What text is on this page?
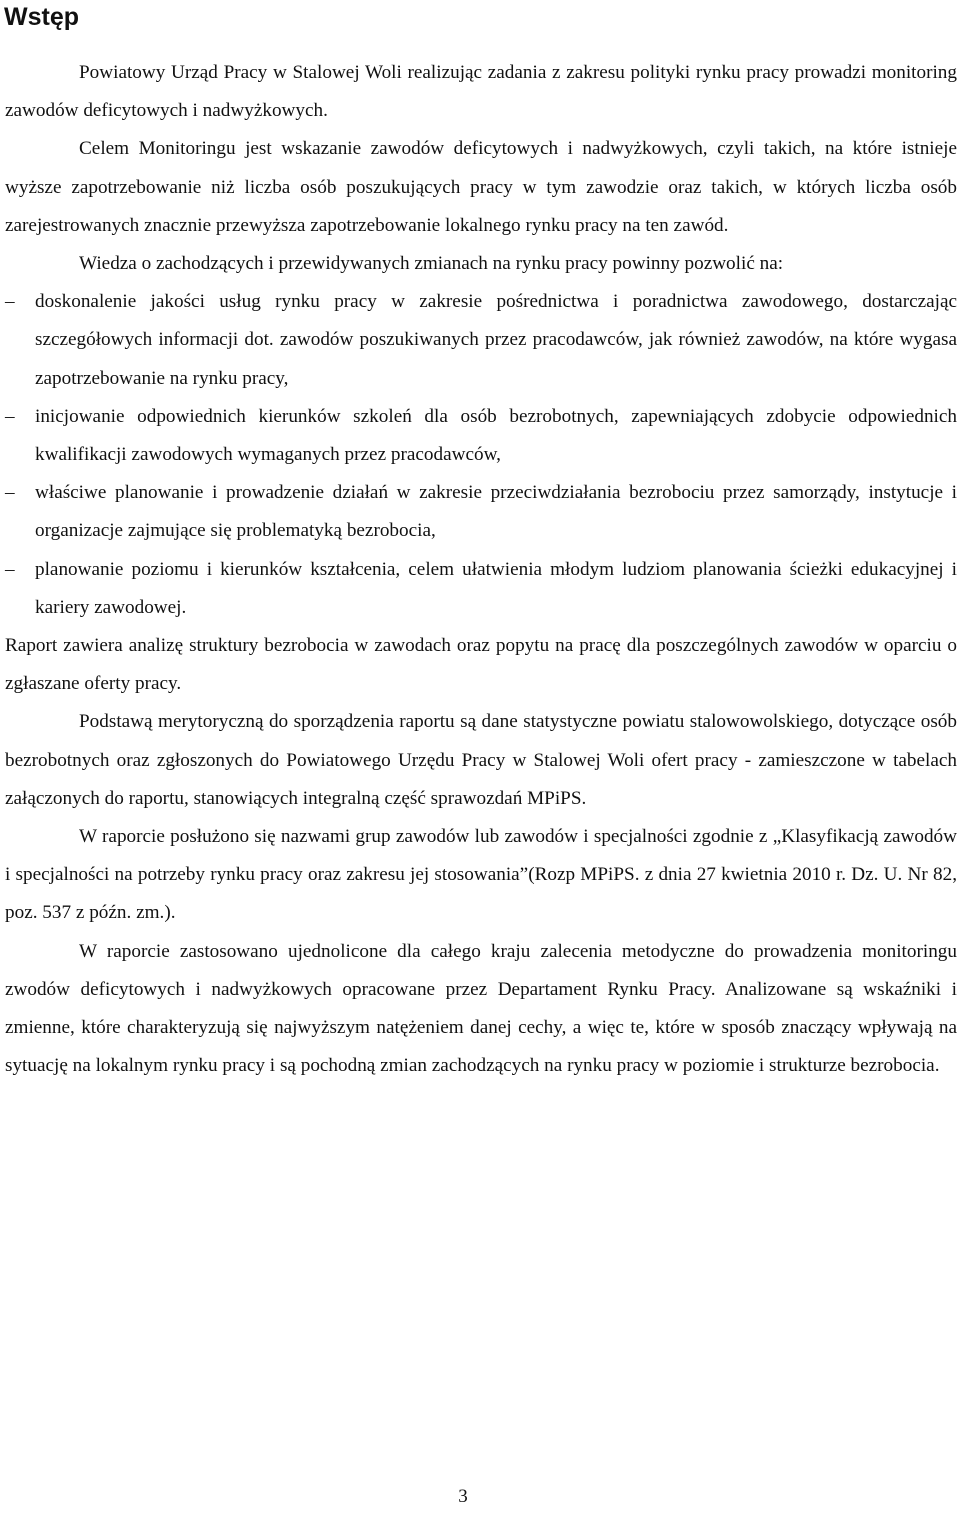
Wstęp

Powiatowy Urząd Pracy w Stalowej Woli realizując zadania z zakresu polityki rynku pracy prowadzi monitoring zawodów deficytowych i nadwyżkowych.

Celem Monitoringu jest wskazanie zawodów deficytowych i nadwyżkowych, czyli takich, na które istnieje wyższe zapotrzebowanie niż liczba osób poszukujących pracy w tym zawodzie oraz takich, w których liczba osób zarejestrowanych znacznie przewyższa zapotrzebowanie lokalnego rynku pracy na ten zawód.

Wiedza o zachodzących i przewidywanych zmianach na rynku pracy powinny pozwolić na:

– doskonalenie jakości usług rynku pracy w zakresie pośrednictwa i poradnictwa zawodowego, dostarczając szczegółowych informacji dot. zawodów poszukiwanych przez pracodawców, jak również zawodów, na które wygasa zapotrzebowanie na rynku pracy,
– inicjowanie odpowiednich kierunków szkoleń dla osób bezrobotnych, zapewniających zdobycie odpowiednich kwalifikacji zawodowych wymaganych przez pracodawców,
– właściwe planowanie i prowadzenie działań w zakresie przeciwdziałania bezrobociu przez samorządy, instytucje i organizacje zajmujące się problematyką bezrobocia,
– planowanie poziomu i kierunków kształcenia, celem ułatwienia młodym ludziom planowania ścieżki edukacyjnej i kariery zawodowej.

Raport zawiera analizę struktury bezrobocia w zawodach oraz popytu na pracę dla poszczególnych zawodów w oparciu o zgłaszane oferty pracy.

Podstawą merytoryczną do sporządzenia raportu są dane statystyczne powiatu stalowowolskiego, dotyczące osób bezrobotnych oraz zgłoszonych do Powiatowego Urzędu Pracy w Stalowej Woli ofert pracy - zamieszczone w tabelach załączonych do raportu, stanowiących integralną część sprawozdań MPiPS.

W raporcie posłużono się nazwami grup zawodów lub zawodów i specjalności zgodnie z „Klasyfikacją zawodów i specjalności na potrzeby rynku pracy oraz zakresu jej stosowania”(Rozp MPiPS. z dnia 27 kwietnia 2010 r. Dz. U. Nr 82, poz. 537 z późn. zm.).

W raporcie zastosowano ujednolicone dla całego kraju zalecenia metodyczne do prowadzenia monitoringu zwodów deficytowych i nadwyżkowych opracowane przez Departament Rynku Pracy. Analizowane są wskaźniki i zmienne, które charakteryzują się najwyższym natężeniem danej cechy, a więc te, które w sposób znaczący wpływają na sytuację na lokalnym rynku pracy i są pochodną zmian zachodzących na rynku pracy w poziomie i strukturze bezrobocia.

3
